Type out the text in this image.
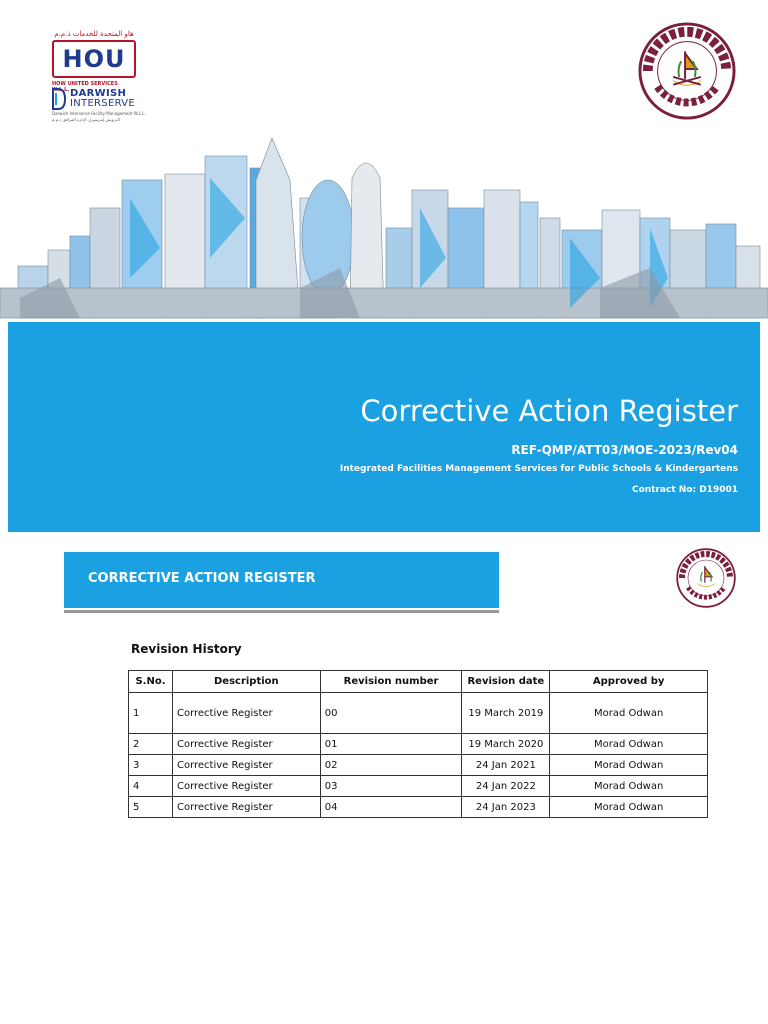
هاو المتحدة للخدمات ذ.م.م
HOU
HOW UNITED SERVICES W.L.L. DARWISH
INTERSERVE
Darwish Interserve Facility Management W.L.L.
الدرويش إنترسيرف لإدارة المرافق ذ.م.م
Corrective Action Register
REF-QMP/ATT03/MOE-2023/Rev04
Integrated Facilities Management Services for Public Schools & Kindergartens
Contract No: D19001
CORRECTIVE ACTION REGISTER
Revision History
S.No.	Description	Revision number	Revision date	Approved by
1	Corrective Register	00	19 March 2019	Morad Odwan
2	Corrective Register	01	19 March 2020	Morad Odwan
3	Corrective Register	02	24 Jan 2021	Morad Odwan
4	Corrective Register	03	24 Jan 2022	Morad Odwan
5	Corrective Register	04	24 Jan 2023	Morad Odwan
